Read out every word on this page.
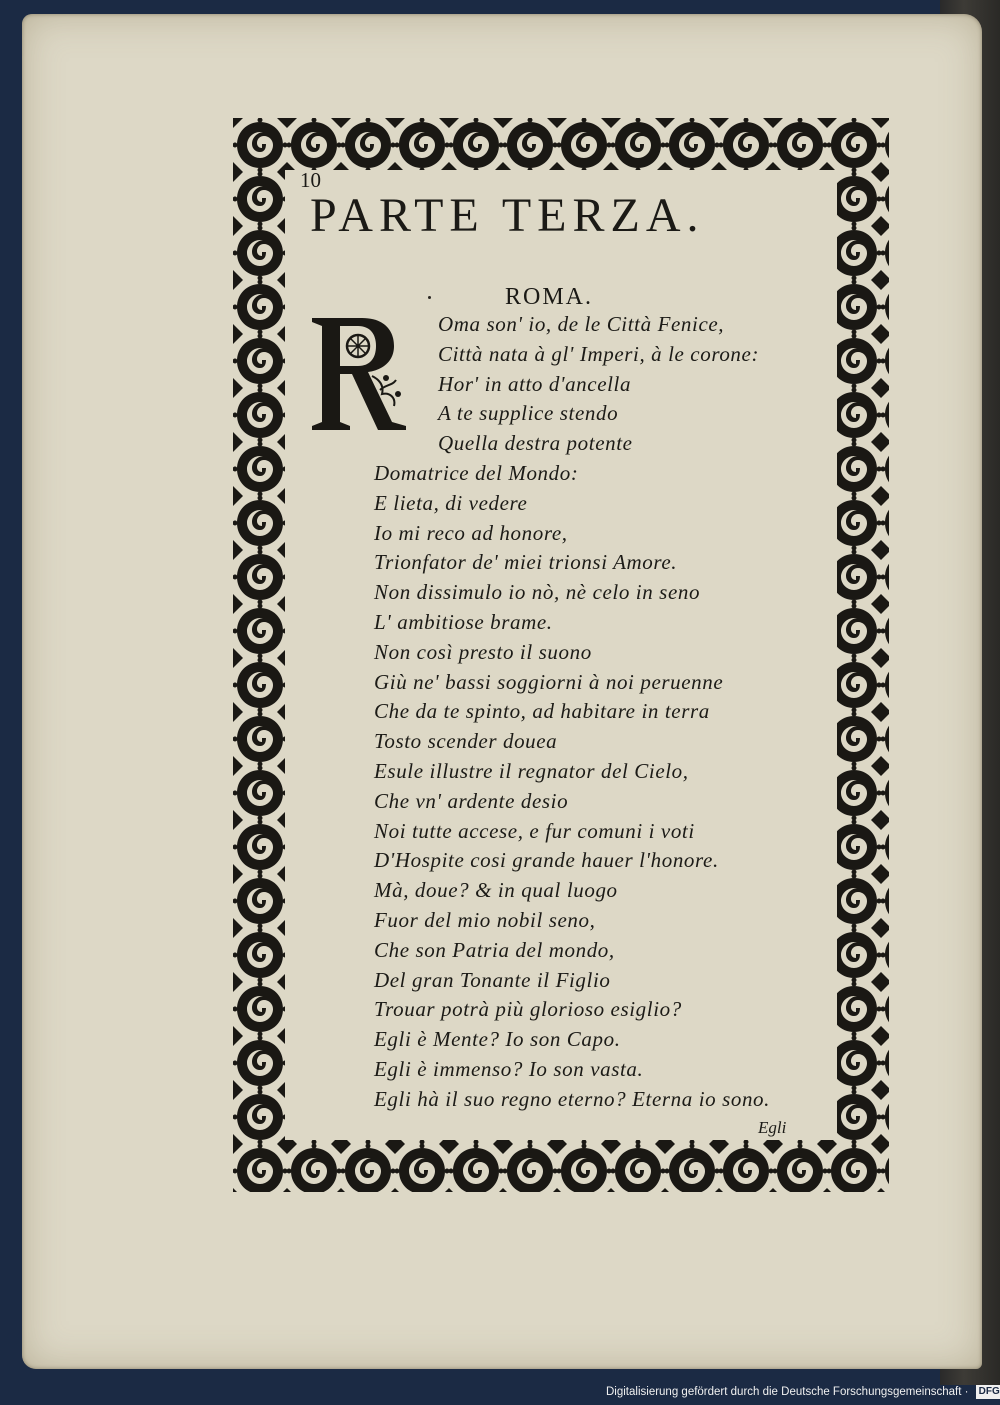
10
PARTE TERZA.
ROMA.
Oma son' io, de le Città Fenice,
Città nata à gl' Imperi, à le corone:
Hor' in atto d'ancella
A te supplice stendo
Quella destra potente
Domatrice del Mondo:
E lieta, di vedere
Io mi reco ad honore,
Trionfator de' miei trionsi Amore.
Non dissimulo io nò, nè celo in seno
L' ambitiose brame.
Non così presto il suono
Giù ne' bassi soggiorni à noi peruenne
Che da te spinto, ad habitare in terra
Tosto scender douea
Esule illustre il regnator del Cielo,
Che vn' ardente desio
Noi tutte accese, e fur comuni i voti
D'Hospite cosi grande hauer l'honore.
Mà, doue? & in qual luogo
Fuor del mio nobil seno,
Che son Patria del mondo,
Del gran Tonante il Figlio
Trouar potrà più glorioso esiglio?
Egli è Mente? Io son Capo.
Egli è immenso? Io son vasta.
Egli hà il suo regno eterno? Eterna io sono.
Egli
Digitalisierung gefördert durch die Deutsche Forschungsgemeinschaft · DFG
